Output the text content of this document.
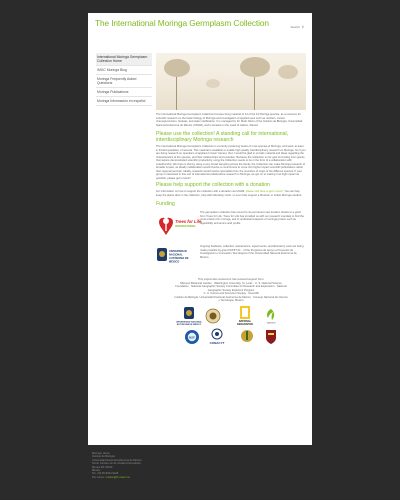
The International Moringa Germplasm Collection	Search ⚲
International Moringa Germplasm Collection Home
IMGC Moringa Blog
Moringa Frequently Asked Questions
Moringa Publications
Moringa Información en español
The International Moringa Germplasm Collection focuses living material of 13 of the 13 Moringa species, as a resource for scientific research on the basic biology of Moringa and investigation of applied uses such as nutrition, cancer chemoprevention, biofuels, and water clarification. It is managed by Dr. Mark Olson of the Instituto de Biología, Universidad Nacional Autónoma de México (UNAM), and is located on the coast of Jalisco, Mexico.
Please use the collection! A standing call for international, interdisciplinary Moringa research
The International Moringa Germplasm Collection is currently producing bucks of most species of Moringa, and seed, at least in limited quantities, of several. This material is available to enable high quality interdisciplinary research on Moringa. So if you are doing research on questions of applied or basic interest, then I would be glad to provide material and ideas regarding the characteristics of the species, and their relationships and evolution. Because the Collection so far gets its funding from grants that require demonstrated scientific productivity, using the Collection needs to be in the form of a collaboration with coauthorship. We hope is that by using a very broad sampling across the family, the Collection can make Moringa research of broader impact, as ideally collaboration would involve a commitment to move into higher impact scientific publications rather than regional journals. Ideally, research would involve specialists from the countries of origin of the different species. If your group is interested in this sort of international collaborative research in Moringa, we get on to making it as high impact as possible, please get in touch!
Please help support the collection with a donation
For information on how to support the collection with a donation via UNAM, please visit here to get in touch. You can help keep the plants alive in the collection, help with laboratory work, or even help support a Mexican or Indian Moringa student.
Funding
Trees for Life
INTERNATIONAL
The germplasm collection has moved to its permanent new location thanks to a grant from Trees for Life. Trees for Life has provided us with our research mandate to find the most protein rich moringa, and to understand aspects of moringa protein such as digestibility and amino acid profile.
UNIVERSIDAD
NACIONAL
AUTÓNOMA DE
MÉXICO
Ongoing fieldwork, collection maintenance, experiments, and laboratory work are being made possible by grant PAPIIT-IN... of the Programa de Apoyo a Proyectos de Investigación e Innovación Tecnológica of the Universidad Nacional Autónoma de México.
This project also received or has received support from:
Missouri Botanical Garden · Washington University, St. Louis · U. S. National Science
Foundation · National Geographic Society Committee for Research and Exploration · National
Geographic Society Explorers Program
C. U. Cactus and Succulent Society · New Mill
Instituto de Biología, Universidad Nacional Autónoma de México · Consejo Nacional de Ciencia
y Tecnología, México
UNIVERSIDAD NACIONAL
AUTÓNOMA DE MÉXICO
NATIONAL
GEOGRAPHIC	GARDEN
NSF
CONACYT
Moringa: Home
Instituto de Biología
Universidad Nacional Autónoma de México
Tercer Circuito s/n de Ciudad Universitaria
Mexico DF 04510
Mexico
Tel. +52-55-5622-9128
Por correo: molson@ib.unam.mx
